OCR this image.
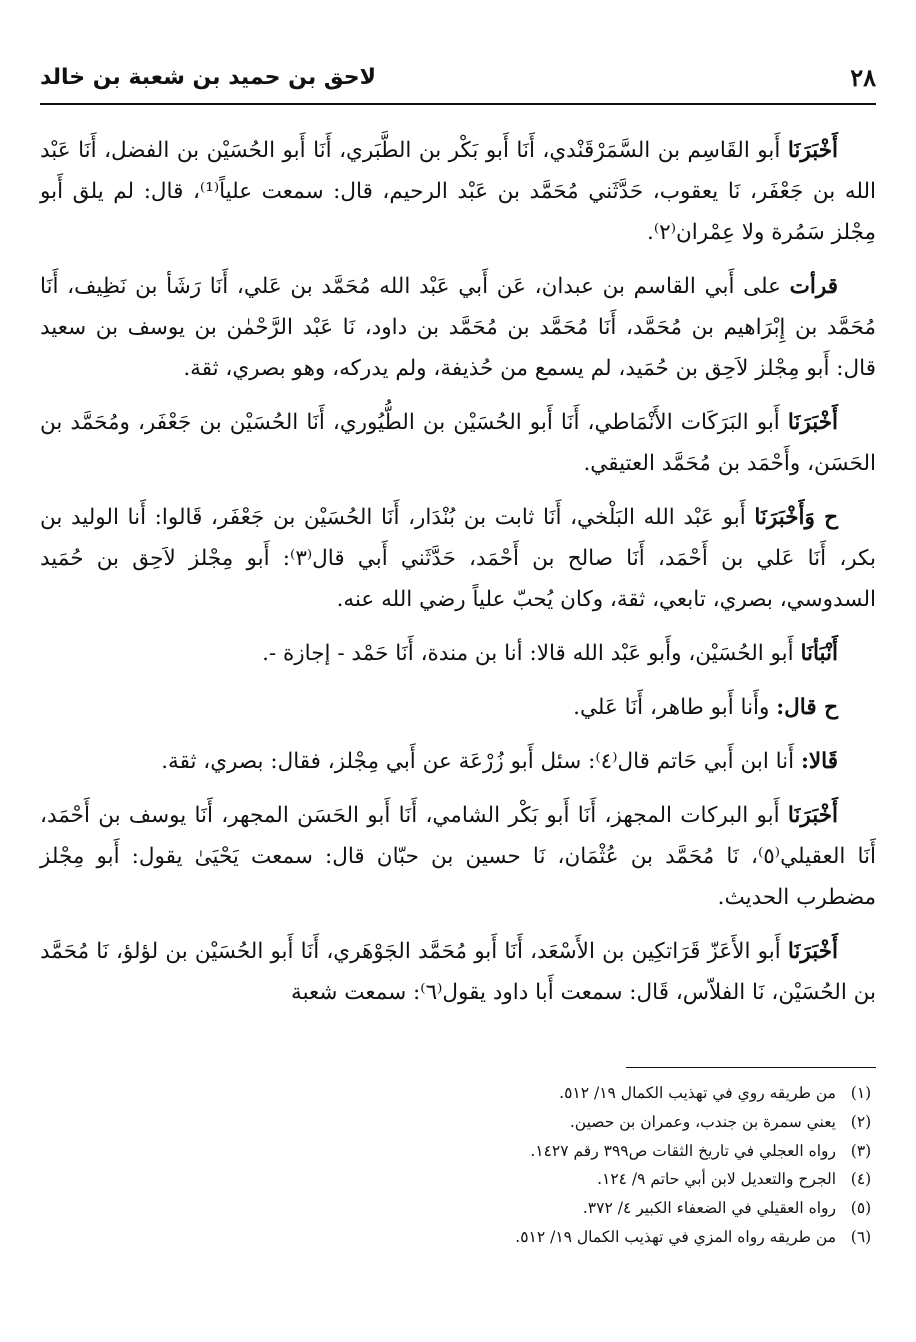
٢٨
لاحق بن حميد بن شعبة بن خالد

أَخْبَرَنَا أَبو القَاسِم بن السَّمَرْقَنْدي، أَنَا أَبو بَكْر بن الطَّبَري، أَنَا أَبو الحُسَيْن بن الفضل، أَنَا عَبْد الله بن جَعْفَر، نَا يعقوب، حَدَّثَني مُحَمَّد بن عَبْد الرحيم، قال: سمعت علياً⁽¹⁾، قال: لم يلق أَبو مِجْلز سَمُرة ولا عِمْران⁽٢⁾.

قرأت على أَبي القاسم بن عبدان، عَن أَبي عَبْد الله مُحَمَّد بن عَلي، أَنَا رَشَأ بن نَظِيف، أَنَا مُحَمَّد بن إِبْرَاهيم بن مُحَمَّد، أَنَا مُحَمَّد بن مُحَمَّد بن داود، نَا عَبْد الرَّحْمٰن بن يوسف بن سعيد قال: أَبو مِجْلز لاَحِق بن حُمَيد، لم يسمع من حُذيفة، ولم يدركه، وهو بصري، ثقة.

أَخْبَرَنَا أَبو البَرَكَات الأَنْمَاطي، أَنَا أَبو الحُسَيْن بن الطُّيُوري، أَنَا الحُسَيْن بن جَعْفَر، ومُحَمَّد بن الحَسَن، وأَحْمَد بن مُحَمَّد العتيقي.

ح وَأَخْبَرَنَا أَبو عَبْد الله البَلْخي، أَنَا ثابت بن بُنْدَار، أَنَا الحُسَيْن بن جَعْفَر، قَالوا: أَنا الوليد بن بكر، أَنَا عَلي بن أَحْمَد، أَنَا صالح بن أَحْمَد، حَدَّثَني أَبي قال⁽٣⁾: أَبو مِجْلز لاَحِق بن حُمَيد السدوسي، بصري، تابعي، ثقة، وكان يُحبّ علياً رضي الله عنه.

أَنْبَأنَا أَبو الحُسَيْن، وأَبو عَبْد الله قالا: أنا بن مندة، أَنَا حَمْد - إجازة -.

ح قال: وأَنا أَبو طاهر، أَنَا عَلي.

قَالا: أَنا ابن أَبي حَاتم قال⁽٤⁾: سئل أَبو زُرْعَة عن أَبي مِجْلز، فقال: بصري، ثقة.

أَخْبَرَنَا أَبو البركات المجهز، أَنَا أَبو بَكْر الشامي، أَنَا أَبو الحَسَن المجهر، أَنَا يوسف بن أَحْمَد، أَنَا العقيلي⁽٥⁾، نَا مُحَمَّد بن عُثْمَان، نَا حسين بن حبّان قال: سمعت يَحْيَىٰ يقول: أَبو مِجْلز مضطرب الحديث.

أَخْبَرَنَا أَبو الأَعَزّ قَرَاتكِين بن الأَسْعَد، أَنَا أَبو مُحَمَّد الجَوْهَري، أَنَا أَبو الحُسَيْن بن لؤلؤ، نَا مُحَمَّد بن الحُسَيْن، نَا الفلاّس، قَال: سمعت أَبا داود يقول⁽٦⁾: سمعت شعبة

(١)من طريقه روي في تهذيب الكمال ١٩/ ٥١٢.

(٢)يعني سمرة بن جندب، وعمران بن حصين.

(٣)رواه العجلي في تاريخ الثقات ص٣٩٩ رقم ١٤٢٧.

(٤)الجرح والتعديل لابن أبي حاتم ٩/ ١٢٤.

(٥)رواه العقيلي في الضعفاء الكبير ٤/ ٣٧٢.

(٦)من طريقه رواه المزي في تهذيب الكمال ١٩/ ٥١٢.
